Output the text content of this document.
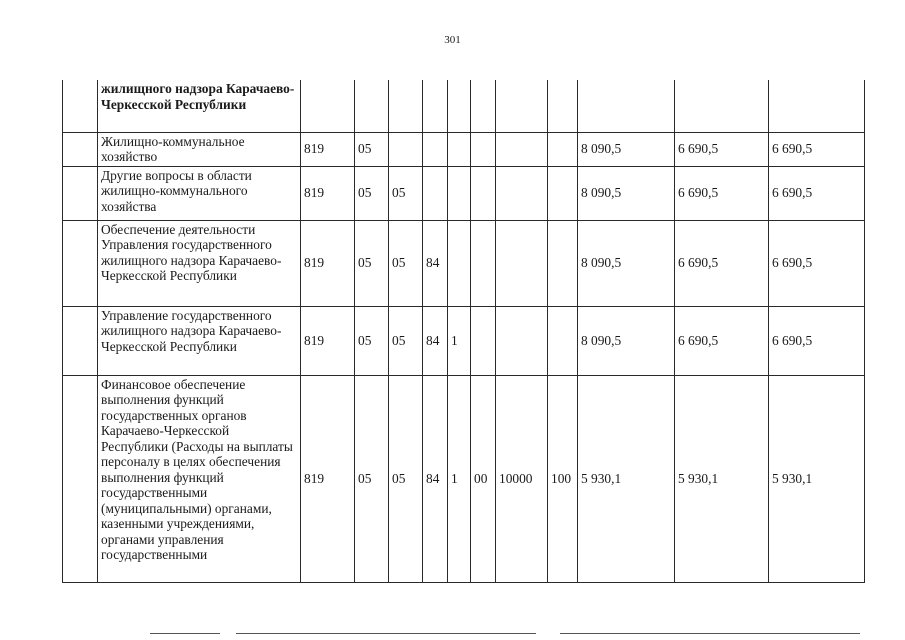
301
	жилищного надзора Карачаево-Черкесской Республики											
	Жилищно-коммунальное хозяйство	819	05							8 090,5	6 690,5	6 690,5
	Другие вопросы в области жилищно-коммунального хозяйства	819	05	05						8 090,5	6 690,5	6 690,5
	Обеспечение деятельности Управления государственного жилищного надзора Карачаево-Черкесской Республики	819	05	05	84					8 090,5	6 690,5	6 690,5
	Управление государственного жилищного надзора Карачаево-Черкесской Республики	819	05	05	84	1				8 090,5	6 690,5	6 690,5
	Финансовое обеспечение выполнения функций государственных органов Карачаево-Черкесской Республики (Расходы на выплаты персоналу в целях обеспечения выполнения функций государственными (муниципальными) органами, казенными учреждениями, органами управления государственными	819	05	05	84	1	00	10000	100	5 930,1	5 930,1	5 930,1
